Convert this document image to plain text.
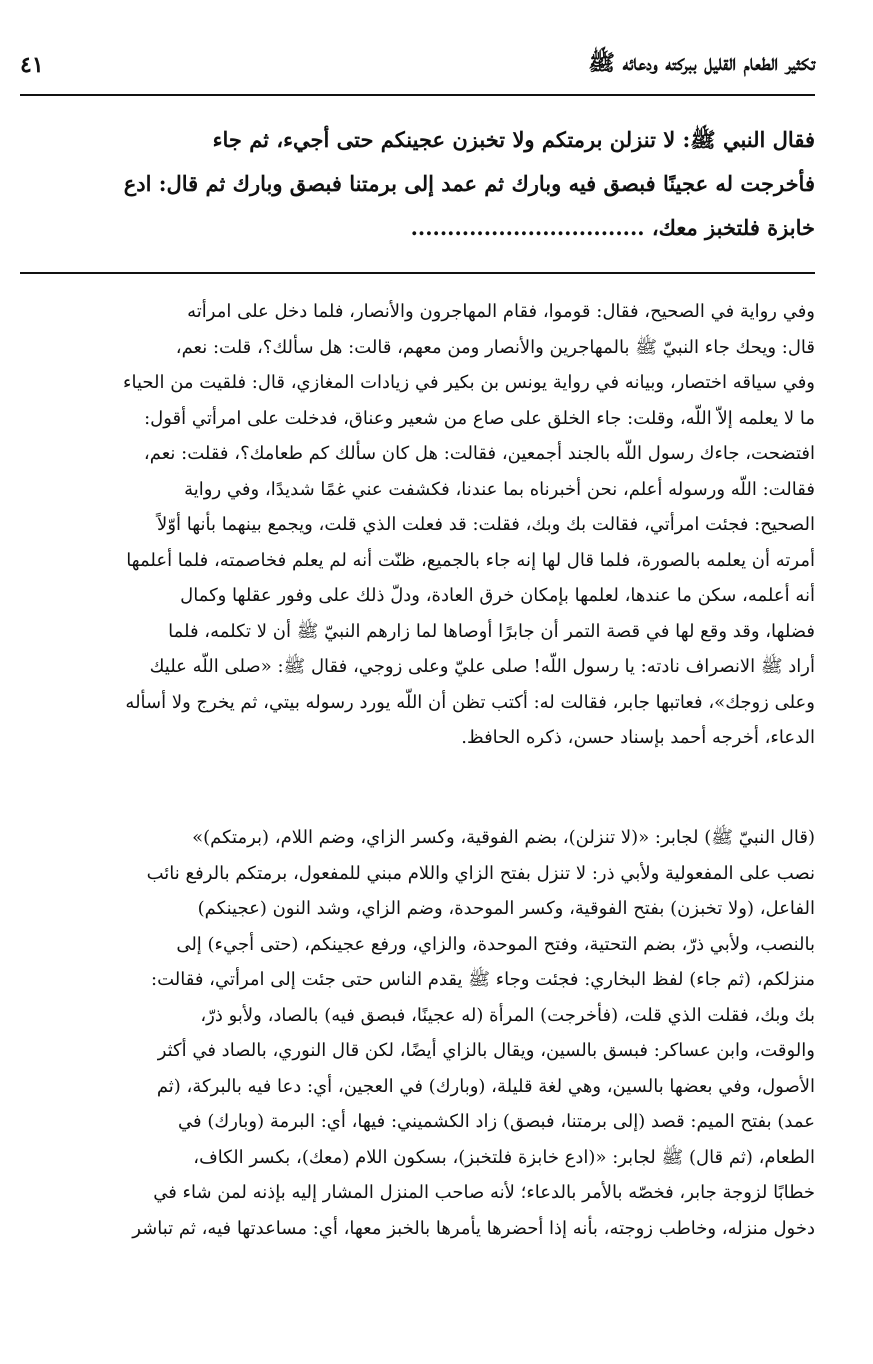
تكثير الطعام القليل ببركته ودعائه ﷺ
٤١
فقال النبي ﷺ: لا تنزلن برمتكم ولا تخبزن عجينكم حتى أجيء، ثم جاء
فأخرجت له عجينًا فبصق فيه وبارك ثم عمد إلى برمتنا فبصق وبارك ثم قال: ادع
خابزة فلتخبز معك، ................................
وفي رواية في الصحيح، فقال: قوموا، فقام المهاجرون والأنصار، فلما دخل على امرأته
قال: ويحك جاء النبيّ ﷺ بالمهاجرين والأنصار ومن معهم، قالت: هل سألك؟، قلت: نعم،
وفي سياقه اختصار، وبيانه في رواية يونس بن بكير في زيادات المغازي، قال: فلقيت من الحياء
ما لا يعلمه إلاّ اللّه، وقلت: جاء الخلق على صاع من شعير وعناق، فدخلت على امرأتي أقول:
افتضحت، جاءك رسول اللّه بالجند أجمعين، فقالت: هل كان سألك كم طعامك؟، فقلت: نعم،
فقالت: اللّه ورسوله أعلم، نحن أخبرناه بما عندنا، فكشفت عني غمًا شديدًا، وفي رواية
الصحيح: فجئت امرأتي، فقالت بك وبك، فقلت: قد فعلت الذي قلت، ويجمع بينهما بأنها أوّلاً
أمرته أن يعلمه بالصورة، فلما قال لها إنه جاء بالجميع، ظنّت أنه لم يعلم فخاصمته، فلما أعلمها
أنه أعلمه، سكن ما عندها، لعلمها بإمكان خرق العادة، ودلّ ذلك على وفور عقلها وكمال
فضلها، وقد وقع لها في قصة التمر أن جابرًا أوصاها لما زارهم النبيّ ﷺ أن لا تكلمه، فلما
أراد ﷺ الانصراف نادته: يا رسول اللّه! صلى عليّ وعلى زوجي، فقال ﷺ: «صلى اللّه عليك
وعلى زوجك»، فعاتبها جابر، فقالت له: أكتب تظن أن اللّه يورد رسوله بيتي، ثم يخرج ولا أسأله
الدعاء، أخرجه أحمد بإسناد حسن، ذكره الحافظ.
(قال النبيّ ﷺ) لجابر: «(لا تنزلن)، بضم الفوقية، وكسر الزاي، وضم اللام، (برمتكم)»
نصب على المفعولية ولأبي ذر: لا تنزل بفتح الزاي واللام مبني للمفعول، برمتكم بالرفع نائب
الفاعل، (ولا تخبزن) بفتح الفوقية، وكسر الموحدة، وضم الزاي، وشد النون (عجينكم)
بالنصب، ولأبي ذرّ، بضم التحتية، وفتح الموحدة، والزاي، ورفع عجينكم، (حتى أجيء) إلى
منزلكم، (ثم جاء) لفظ البخاري: فجئت وجاء ﷺ يقدم الناس حتى جئت إلى امرأتي، فقالت:
بك وبك، فقلت الذي قلت، (فأخرجت) المرأة (له عجينًا، فبصق فيه) بالصاد، ولأبو ذرّ،
والوقت، وابن عساكر: فبسق بالسين، ويقال بالزاي أيضًا، لكن قال النوري، بالصاد في أكثر
الأصول، وفي بعضها بالسين، وهي لغة قليلة، (وبارك) في العجين، أي: دعا فيه بالبركة، (ثم
عمد) بفتح الميم: قصد (إلى برمتنا، فبصق) زاد الكشميني: فيها، أي: البرمة (وبارك) في
الطعام، (ثم قال) ﷺ لجابر: «(ادع خابزة فلتخبز)، بسكون اللام (معك)، بكسر الكاف،
خطابًا لزوجة جابر، فخصّه بالأمر بالدعاء؛ لأنه صاحب المنزل المشار إليه بإذنه لمن شاء في
دخول منزله، وخاطب زوجته، بأنه إذا أحضرها يأمرها بالخبز معها، أي: مساعدتها فيه، ثم تباشر
